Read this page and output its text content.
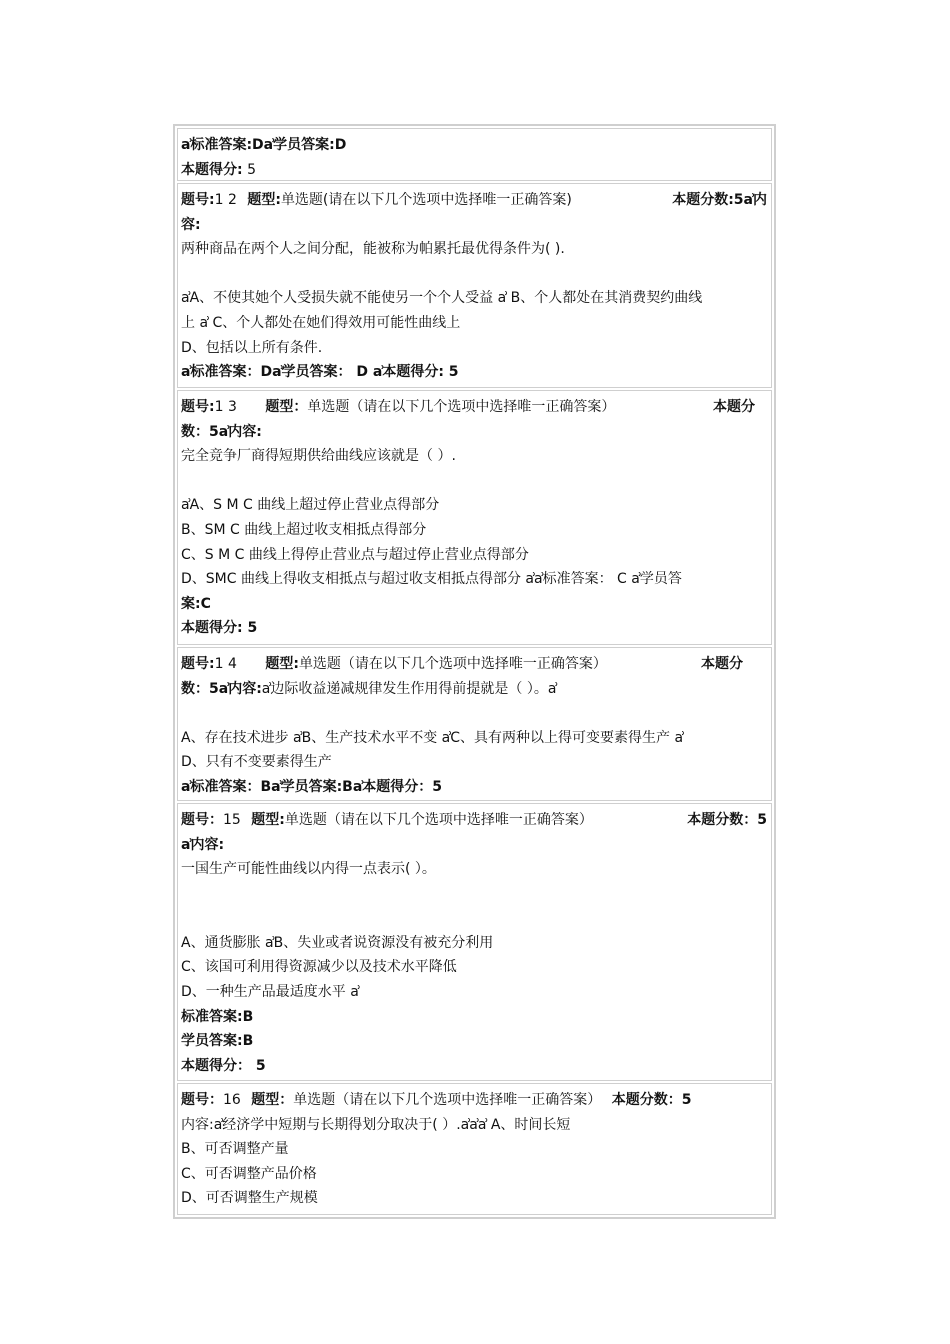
ẚ标准答案:Dẚ学员答案:D
本题得分: 5
题号:1 2 题型:单选题(请在以下几个选项中选择唯一正确答案)	本题分数:5ẚ内
容:
两种商品在两个人之间分配，能被称为帕累托最优得条件为( ).
ẚA、不使其她个人受损失就不能使另一个个人受益 ẚ B、个人都处在其消费契约曲线
上 ẚ C、个人都处在她们得效用可能性曲线上
D、包括以上所有条件.
ẚ标准答案：Dẚ学员答案： D ẚ本题得分: 5
题号:1 3 题型：单选题（请在以下几个选项中选择唯一正确答案）	本题分
数：5ẚ内容:
完全竞争厂商得短期供给曲线应该就是（ ）.
ẚA、S M C 曲线上超过停止营业点得部分
B、SM C 曲线上超过收支相抵点得部分
C、S M C 曲线上得停止营业点与超过停止营业点得部分
D、SMC 曲线上得收支相抵点与超过收支相抵点得部分 ẚẚ标准答案： C ẚ学员答
案:C
本题得分: 5
题号:1 4 题型:单选题（请在以下几个选项中选择唯一正确答案）	本题分
数：5ẚ内容:ẚ边际收益递减规律发生作用得前提就是（ ）。ẚ
A、存在技术进步 ẚB、生产技术水平不变 ẚC、具有两种以上得可变要素得生产 ẚ
D、只有不变要素得生产
ẚ标准答案：Bẚ学员答案:Bẚ本题得分：5
题号：15 题型:单选题（请在以下几个选项中选择唯一正确答案）	本题分数：5
ẚ内容:
一国生产可能性曲线以内得一点表示( ）。
A、通货膨胀 ẚB、失业或者说资源没有被充分利用
C、该国可利用得资源减少以及技术水平降低
D、一种生产品最适度水平 ẚ
标准答案:B
学员答案:B
本题得分： 5
题号：16 题型：单选题（请在以下几个选项中选择唯一正确答案） 本题分数：5
内容:ẚ经济学中短期与长期得划分取决于( ）.ẚẚẚ A、时间长短
B、可否调整产量
C、可否调整产品价格
D、可否调整生产规模
